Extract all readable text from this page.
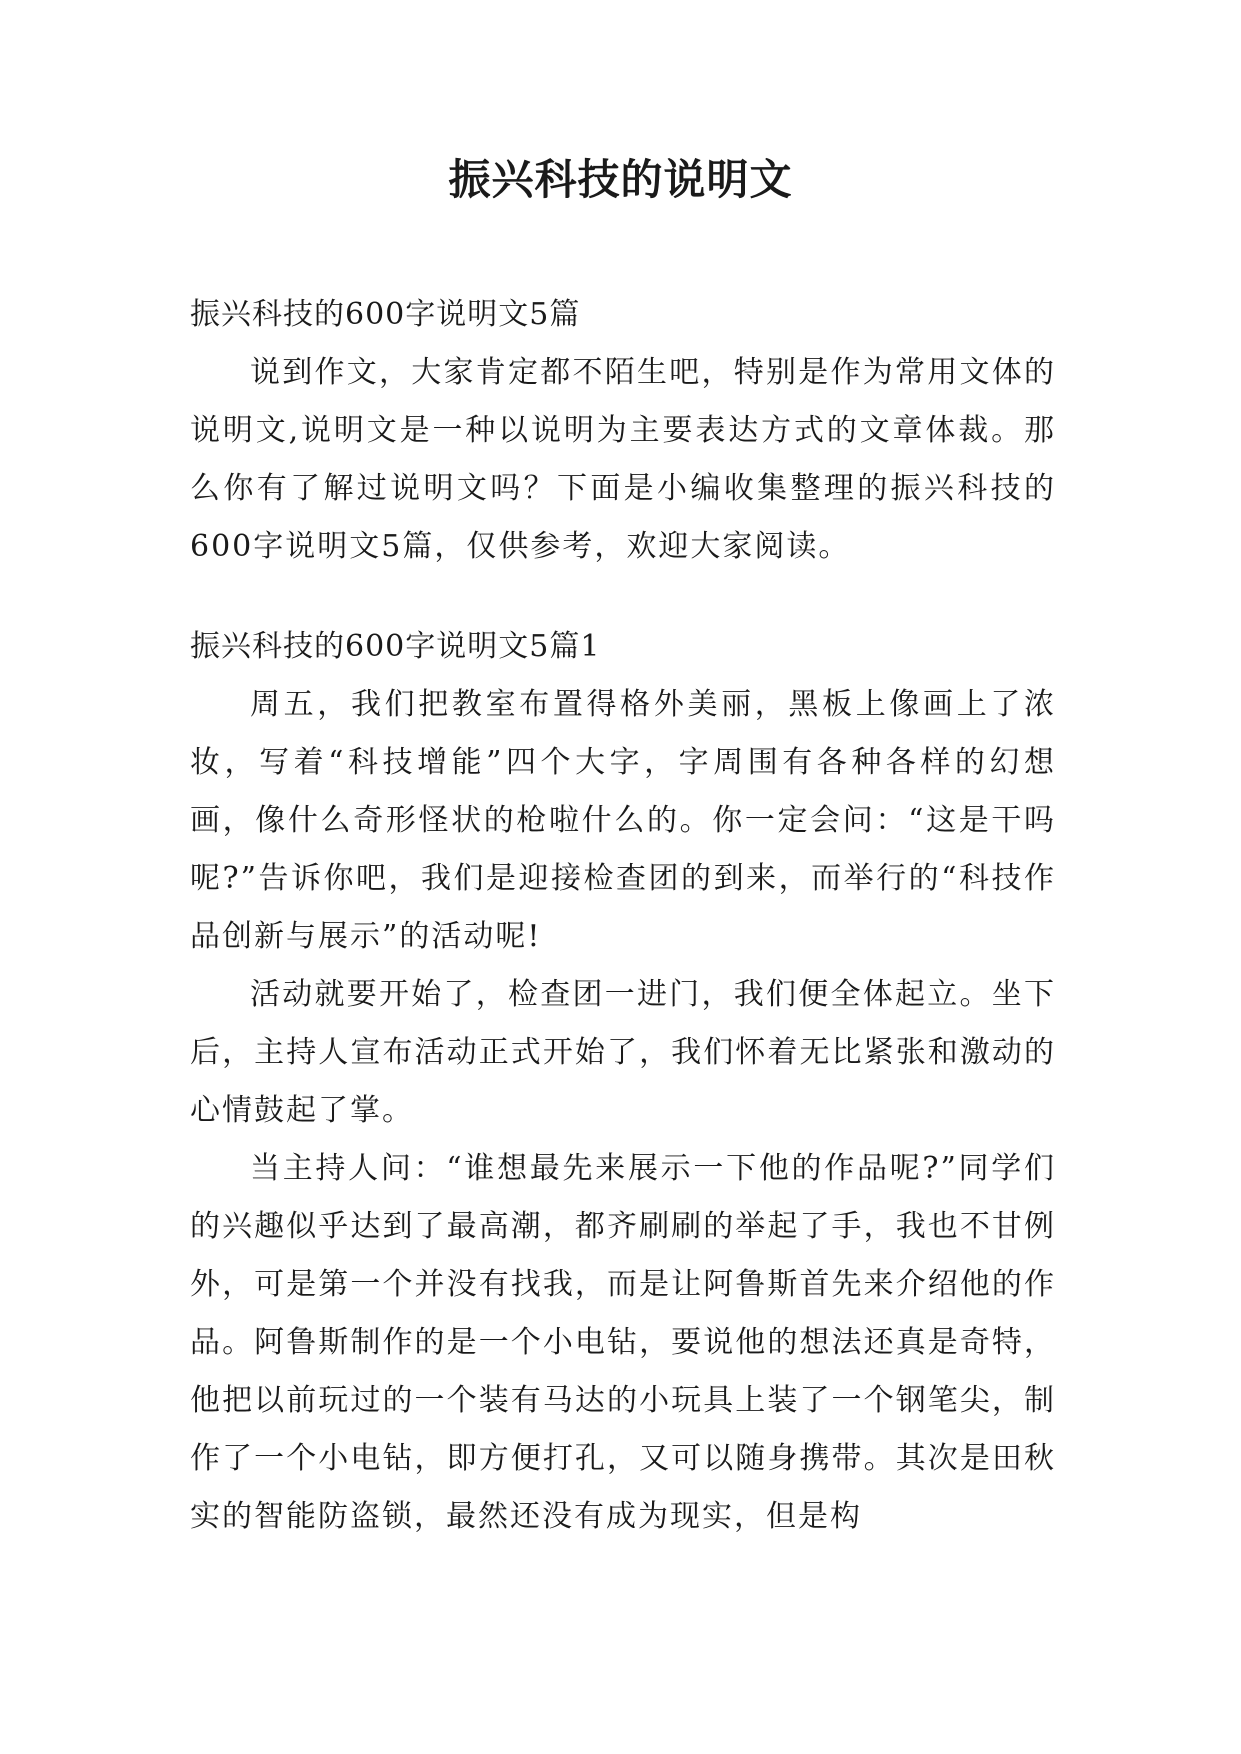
振兴科技的说明文

振兴科技的600字说明文5篇

说到作文，大家肯定都不陌生吧，特别是作为常用文体的说明文,说明文是一种以说明为主要表达方式的文章体裁。那么你有了解过说明文吗？下面是小编收集整理的振兴科技的600字说明文5篇，仅供参考，欢迎大家阅读。

振兴科技的600字说明文5篇1

周五，我们把教室布置得格外美丽，黑板上像画上了浓妆，写着“科技增能”四个大字，字周围有各种各样的幻想画，像什么奇形怪状的枪啦什么的。你一定会问：“这是干吗呢?”告诉你吧，我们是迎接检查团的到来，而举行的“科技作品创新与展示”的活动呢!

活动就要开始了，检查团一进门，我们便全体起立。坐下后，主持人宣布活动正式开始了，我们怀着无比紧张和激动的心情鼓起了掌。

当主持人问：“谁想最先来展示一下他的作品呢?”同学们的兴趣似乎达到了最高潮，都齐刷刷的举起了手，我也不甘例外，可是第一个并没有找我，而是让阿鲁斯首先来介绍他的作品。阿鲁斯制作的是一个小电钻，要说他的想法还真是奇特，他把以前玩过的一个装有马达的小玩具上装了一个钢笔尖，制作了一个小电钻，即方便打孔，又可以随身携带。其次是田秋实的智能防盗锁，最然还没有成为现实，但是构
